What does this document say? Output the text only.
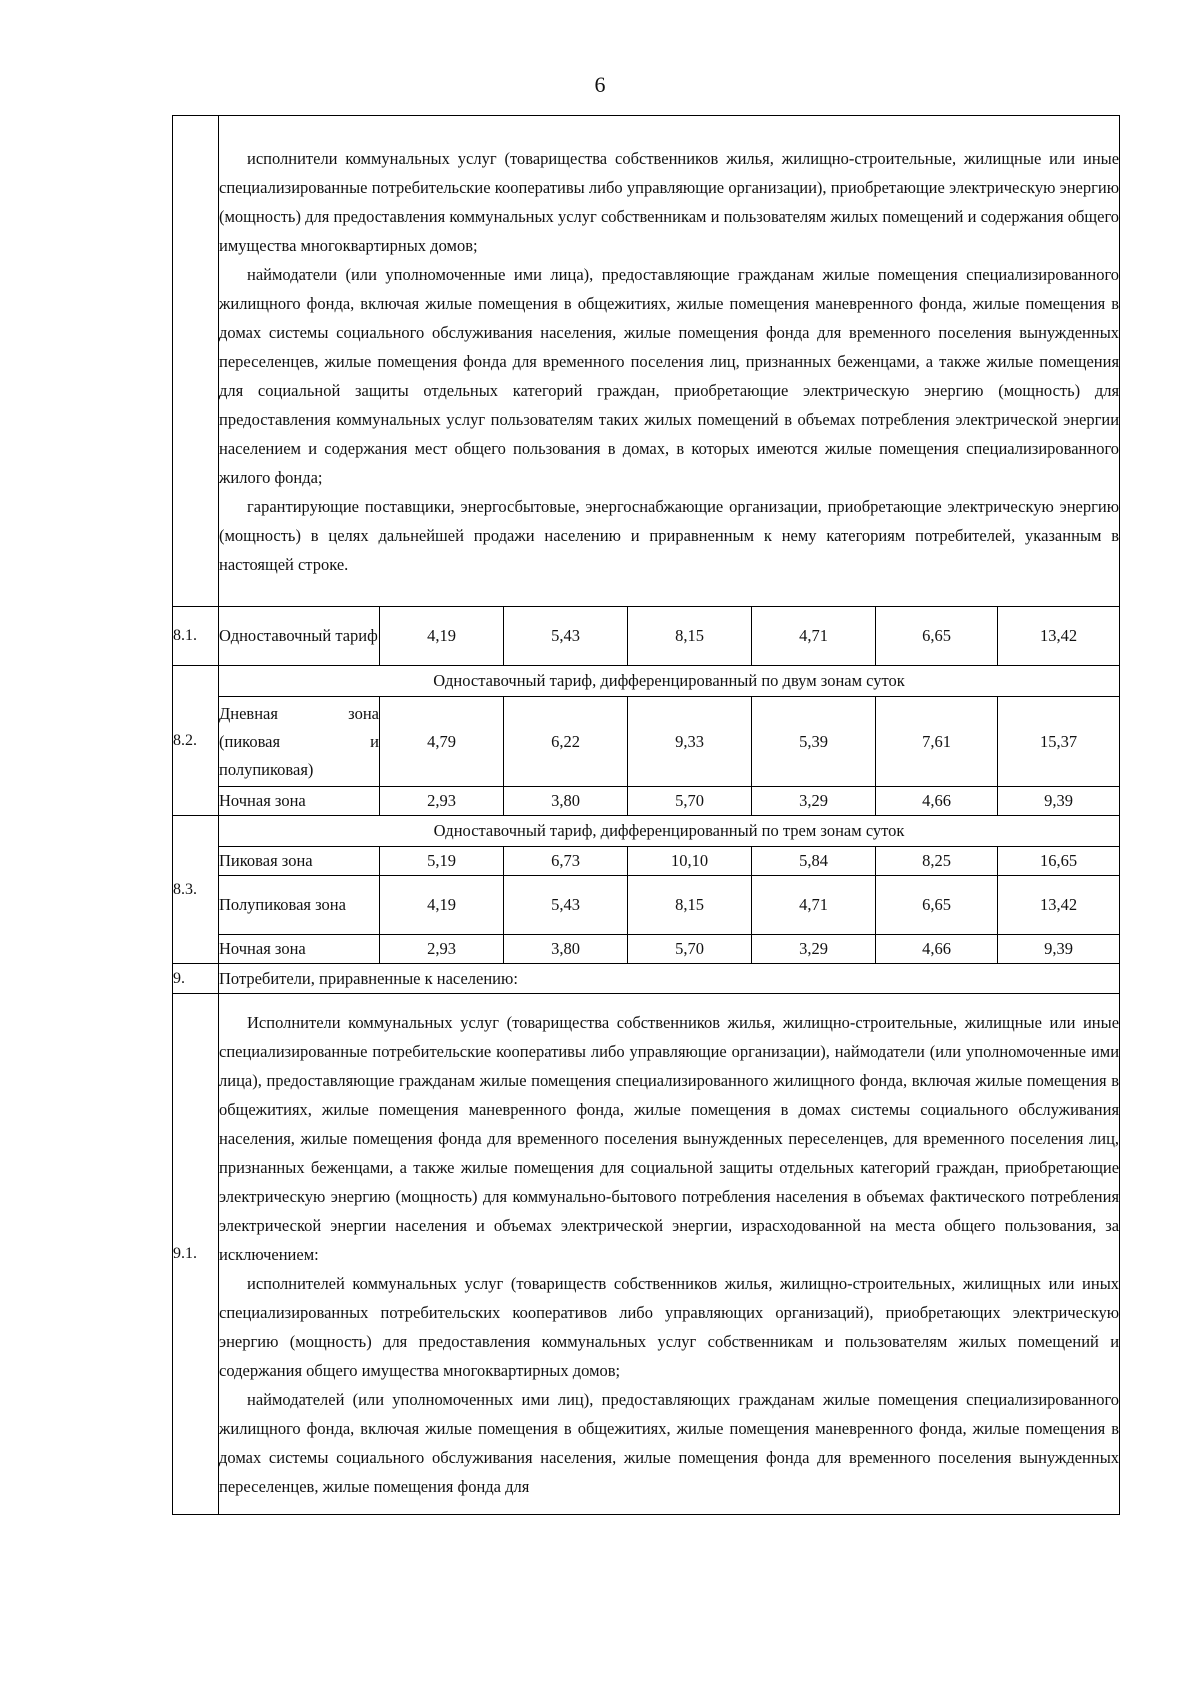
6

	исполнители коммунальных услуг (товарищества собственников жилья, жилищно-строительные, жилищные или иные специализированные потребительские кооперативы либо управляющие организации), приобретающие электрическую энергию (мощность) для предоставления коммунальных услуг собственникам и пользователям жилых помещений и содержания общего имущества многоквартирных домов;

наймодатели (или уполномоченные ими лица), предоставляющие гражданам жилые помещения специализированного жилищного фонда, включая жилые помещения в общежитиях, жилые помещения маневренного фонда, жилые помещения в домах системы социального обслуживания населения, жилые помещения фонда для временного поселения вынужденных переселенцев, жилые помещения фонда для временного поселения лиц, признанных беженцами, а также жилые помещения для социальной защиты отдельных категорий граждан, приобретающие электрическую энергию (мощность) для предоставления коммунальных услуг пользователям таких жилых помещений в объемах потребления электрической энергии населением и содержания мест общего пользования в домах, в которых имеются жилые помещения специализированного жилого фонда;

гарантирующие поставщики, энергосбытовые, энергоснабжающие организации, приобретающие электрическую энергию (мощность) в целях дальнейшей продажи населению и приравненным к нему категориям потребителей, указанным в настоящей строке.						

8.1.	Одноставочный тариф	4,19	5,43	8,15	4,71	6,65	13,42
8.2.	Одноставочный тариф, дифференцированный по двум зонам суток						

	Дневная зона
(пиковая и
полупиковая)	4,79	6,22	9,33	5,39	7,61	15,37
	Ночная зона	2,93	3,80	5,70	3,29	4,66	9,39
8.3.	Одноставочный тариф, дифференцированный по трем зонам суток						
	Пиковая зона	5,19	6,73	10,10	5,84	8,25	16,65
	Полупиковая зона	4,19	5,43	8,15	4,71	6,65	13,42
	Ночная зона	2,93	3,80	5,70	3,29	4,66	9,39
9.	Потребители, приравненные к населению:						
9.1.	Исполнители коммунальных услуг (товарищества собственников жилья, жилищно-строительные, жилищные или иные специализированные потребительские кооперативы либо управляющие организации), наймодатели (или уполномоченные ими лица), предоставляющие гражданам жилые помещения специализированного жилищного фонда, включая жилые помещения в общежитиях, жилые помещения маневренного фонда, жилые помещения в домах системы социального обслуживания населения, жилые помещения фонда для временного поселения вынужденных переселенцев, для временного поселения лиц, признанных беженцами, а также жилые помещения для социальной защиты отдельных категорий граждан, приобретающие электрическую энергию (мощность) для коммунально-бытового потребления населения в объемах фактического потребления электрической энергии населения и объемах электрической энергии, израсходованной на места общего пользования, за исключением:

исполнителей коммунальных услуг (товариществ собственников жилья, жилищно-строительных, жилищных или иных специализированных потребительских кооперативов либо управляющих организаций), приобретающих электрическую энергию (мощность) для предоставления коммунальных услуг собственникам и пользователям жилых помещений и содержания общего имущества многоквартирных домов;

наймодателей (или уполномоченных ими лиц), предоставляющих гражданам жилые помещения специализированного жилищного фонда, включая жилые помещения в общежитиях, жилые помещения маневренного фонда, жилые помещения в домах системы социального обслуживания населения, жилые помещения фонда для временного поселения вынужденных переселенцев, жилые помещения фонда для						
